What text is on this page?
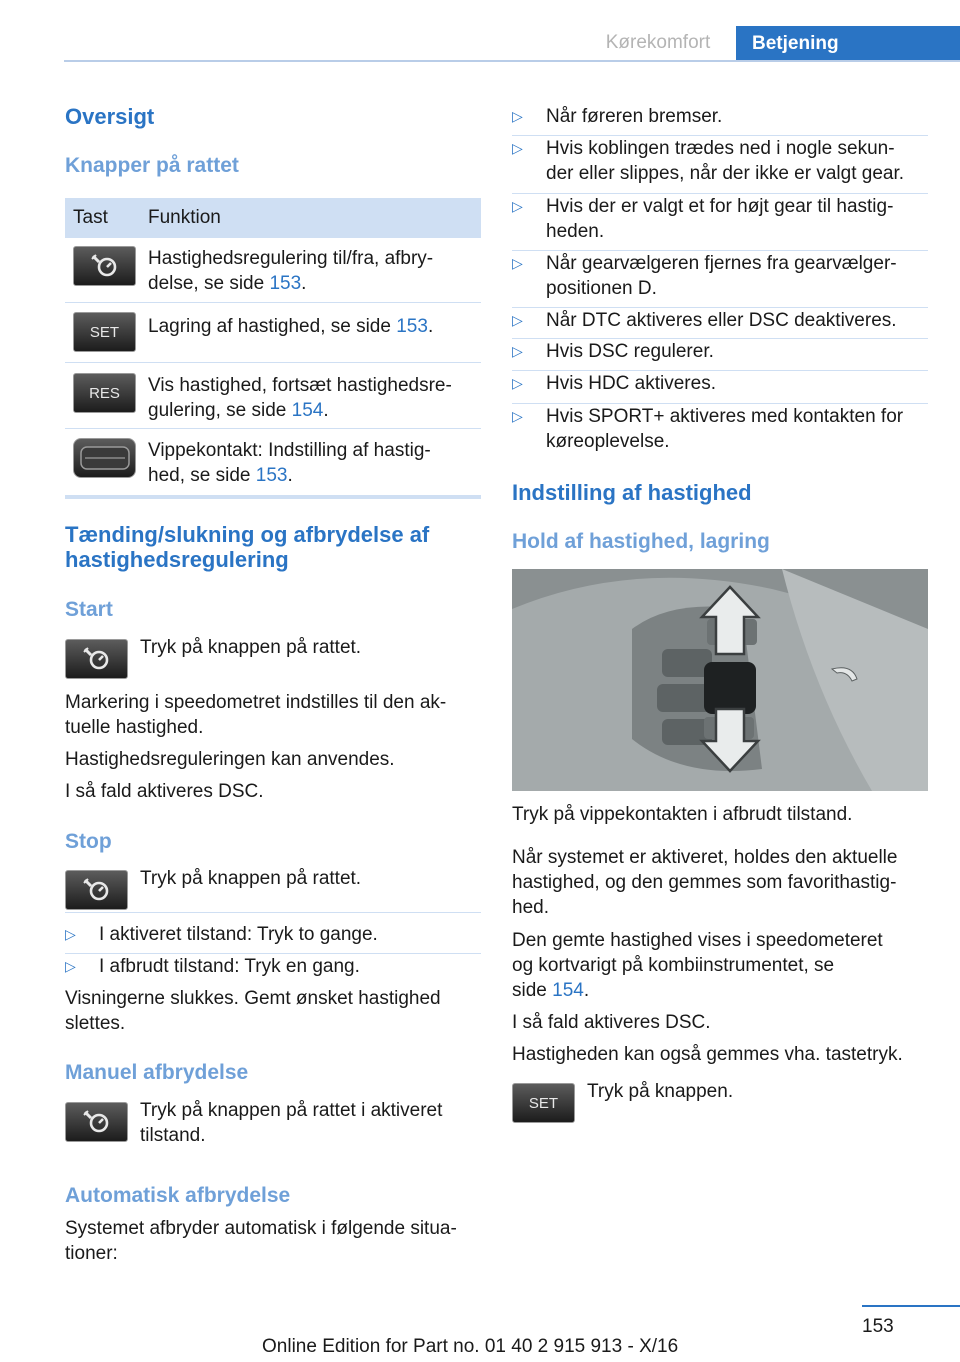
Kørekomfort	Betjening
Oversigt
Knapper på rattet
Tast	Funktion
Hastighedsregulering til/fra, afbry-
delse, se side 153.
SET	Lagring af hastighed, se side 153.
RES	Vis hastighed, fortsæt hastighedsre-
gulering, se side 154.
Vippekontakt: Indstilling af hastig-
hed, se side 153.
Tænding/slukning og afbrydelse af
hastighedsregulering
Start
Tryk på knappen på rattet.
Markering i speedometret indstilles til den ak-
tuelle hastighed.
Hastighedsreguleringen kan anvendes.
I så fald aktiveres DSC.
Stop
Tryk på knappen på rattet.
▷ I aktiveret tilstand: Tryk to gange.
▷ I afbrudt tilstand: Tryk en gang.
Visningerne slukkes. Gemt ønsket hastighed
slettes.
Manuel afbrydelse
Tryk på knappen på rattet i aktiveret
tilstand.
Automatisk afbrydelse
Systemet afbryder automatisk i følgende situa-
tioner:
▷ Når føreren bremser.
▷ Hvis koblingen trædes ned i nogle sekun-
der eller slippes, når der ikke er valgt gear.
▷ Hvis der er valgt et for højt gear til hastig-
heden.
▷ Når gearvælgeren fjernes fra gearvælger-
positionen D.
▷ Når DTC aktiveres eller DSC deaktiveres.
▷ Hvis DSC regulerer.
▷ Hvis HDC aktiveres.
▷ Hvis SPORT+ aktiveres med kontakten for
køreoplevelse.
Indstilling af hastighed
Hold af hastighed, lagring
Tryk på vippekontakten i afbrudt tilstand.
Når systemet er aktiveret, holdes den aktuelle
hastighed, og den gemmes som favorithastig-
hed.
Den gemte hastighed vises i speedometeret
og kortvarigt på kombiinstrumentet, se
side 154.
I så fald aktiveres DSC.
Hastigheden kan også gemmes vha. tastetryk.
SET
Tryk på knappen.
153
Online Edition for Part no. 01 40 2 915 913 - X/16
